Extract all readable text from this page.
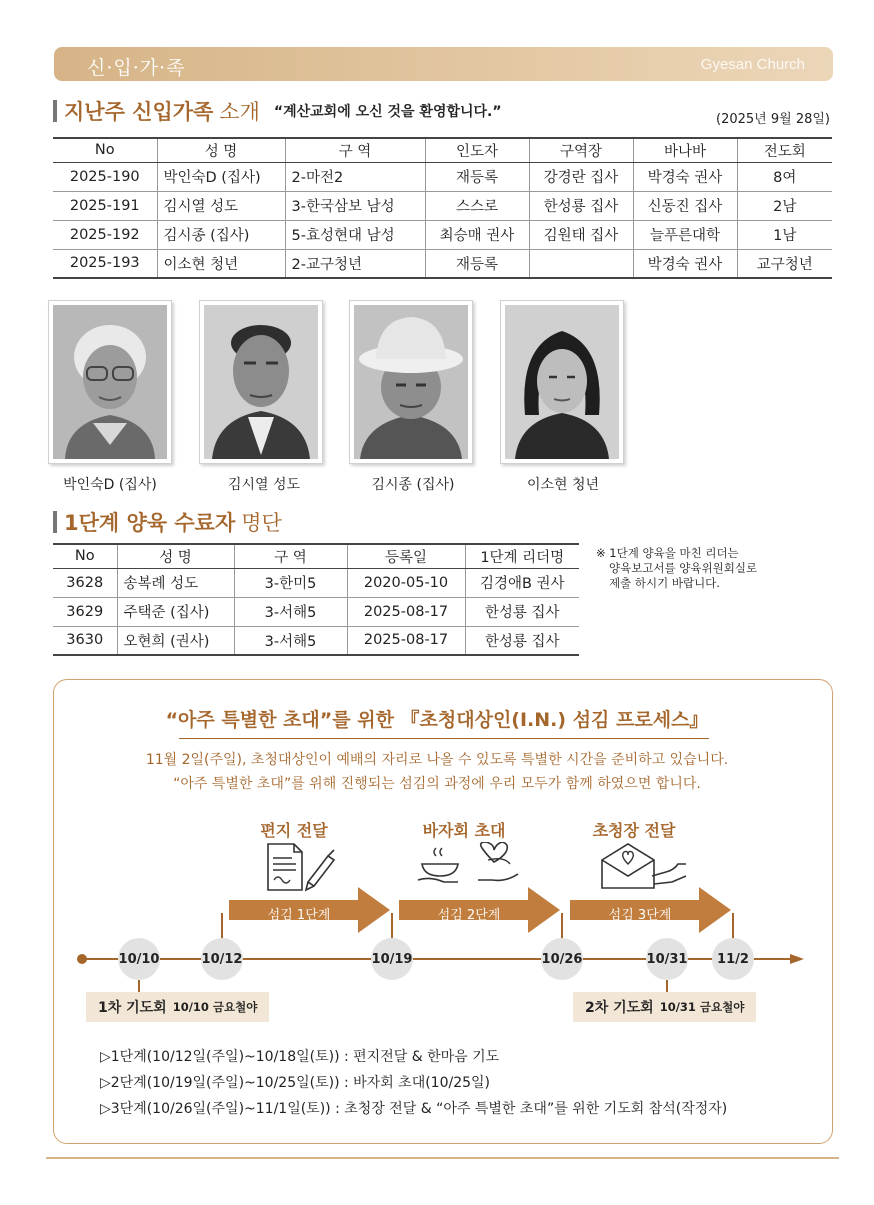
신·입·가·족	Gyesan Church
지난주 신입가족 소개 “계산교회에 오신 것을 환영합니다.”	(2025년 9월 28일)
No	성 명	구 역	인도자	구역장	바나바	전도회
2025-190	박인숙D (집사)	2-마전2	재등록	강경란 집사	박경숙 권사	8여
2025-191	김시열 성도	3-한국삼보 남성	스스로	한성룡 집사	신동진 집사	2남
2025-192	김시종 (집사)	5-효성현대 남성	최승매 권사	김원태 집사	늘푸른대학	1남
2025-193	이소현 청년	2-교구청년	재등록		박경숙 권사	교구청년
박인숙D (집사)	김시열 성도	김시종 (집사)	이소현 청년
1단계 양육 수료자 명단
No	성 명	구 역	등록일	1단계 리더명
3628	송복례 성도	3-한미5	2020-05-10	김경애B 권사
3629	주택준 (집사)	3-서해5	2025-08-17	한성룡 집사
3630	오현희 (권사)	3-서해5	2025-08-17	한성룡 집사
※ 1단계 양육을 마친 리더는
양육보고서를 양육위원회실로
제출 하시기 바랍니다.
“아주 특별한 초대”를 위한 『초청대상인(I.N.) 섬김 프로세스』
11월 2일(주일), 초청대상인이 예배의 자리로 나올 수 있도록 특별한 시간을 준비하고 있습니다.
“아주 특별한 초대”를 위해 진행되는 섬김의 과정에 우리 모두가 함께 하였으면 합니다.
편지 전달	바자회 초대	초청장 전달
섬김 1단계	섬김 2단계	섬김 3단계
10/10	10/12	10/19	10/26	10/31	11/2
1차 기도회 10/10 금요철야	2차 기도회 10/31 금요철야
▷1단계(10/12일(주일)~10/18일(토)) : 편지전달 & 한마음 기도
▷2단계(10/19일(주일)~10/25일(토)) : 바자회 초대(10/25일)
▷3단계(10/26일(주일)~11/1일(토)) : 초청장 전달 & “아주 특별한 초대”를 위한 기도회 참석(작정자)
